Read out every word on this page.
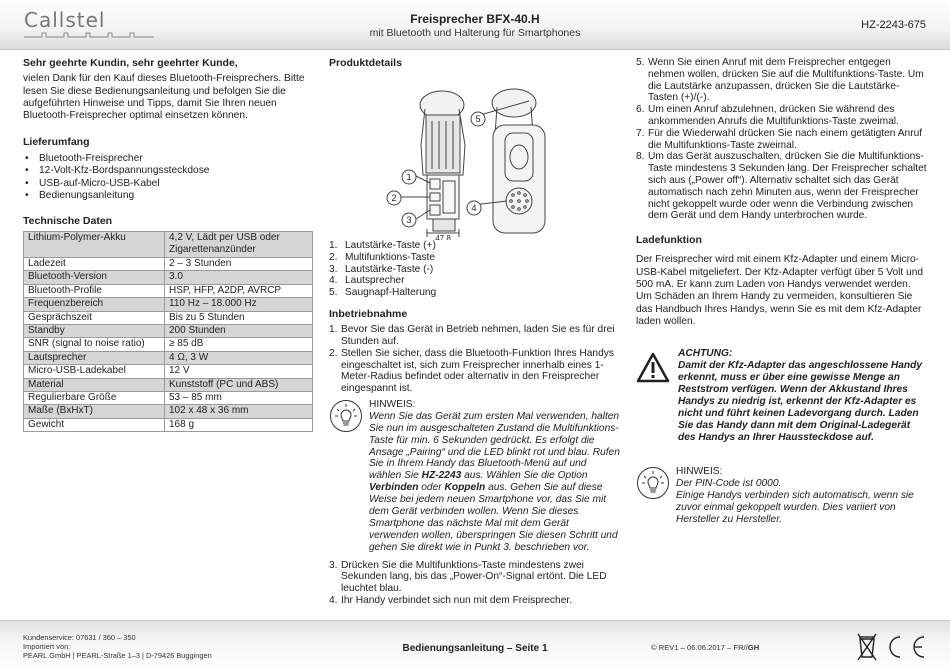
Callstel	Freisprecher BFX-40.H
mit Bluetooth und Halterung für Smartphones
HZ-2243-675
Sehr geehrte Kundin, sehr geehrter Kunde,

vielen Dank für den Kauf dieses Bluetooth-Freisprechers. Bitte lesen Sie diese Bedienungsanleitung und befolgen Sie die aufgeführten Hinweise und Tipps, damit Sie Ihren neuen Bluetooth-Freisprecher optimal einsetzen können.

Lieferumfang
• Bluetooth-Freisprecher
• 12-Volt-Kfz-Bordspannungssteckdose
• USB-auf-Micro-USB-Kabel
• Bedienungsanleitung
Technische Daten
Lithium-Polymer-Akku	4,2 V, Lädt per USB oder Zigarettenanzünder
Ladezeit	2 – 3 Stunden
Bluetooth-Version	3.0
Bluetooth-Profile	HSP, HFP, A2DP, AVRCP
Frequenzbereich	110 Hz – 18.000 Hz
Gesprächszeit	Bis zu 5 Stunden
Standby	200 Stunden
SNR (signal to noise ratio)	≥ 85 dB
Lautsprecher	4 Ω, 3 W
Micro-USB-Ladekabel	12 V
Material	Kunststoff (PC und ABS)
Regulierbare Größe	53 – 85 mm
Maße (BxHxT)	102 x 48 x 36 mm
Gewicht	168 g
Produktdetails
1
2
3
4
5
47,8
1. Lautstärke-Taste (+)
2. Multifunktions-Taste
3. Lautstärke-Taste (-)
4. Lautsprecher
5. Saugnapf-Halterung
Inbetriebnahme
1. Bevor Sie das Gerät in Betrieb nehmen, laden Sie es für drei Stunden auf.
2. Stellen Sie sicher, dass die Bluetooth-Funktion Ihres Handys eingeschaltet ist, sich zum Freisprecher innerhalb eines 1-Meter-Radius befindet oder alternativ in den Freisprecher eingespannt ist.
HINWEIS:
Wenn Sie das Gerät zum ersten Mal verwenden, halten Sie nun im ausgeschalteten Zustand die Multifunktions-Taste für min. 6 Sekunden gedrückt. Es erfolgt die Ansage „Pairing“ und die LED blinkt rot und blau. Rufen Sie in Ihrem Handy das Bluetooth-Menü auf und wählen Sie HZ-2243 aus. Wählen Sie die Option Verbinden oder Koppeln aus. Gehen Sie auf diese Weise bei jedem neuen Smartphone vor, das Sie mit dem Gerät verbinden wollen. Wenn Sie dieses Smartphone das nächste Mal mit dem Gerät verwenden wollen, überspringen Sie diesen Schritt und gehen Sie direkt wie in Punkt 3. beschrieben vor.
3. Drücken Sie die Multifunktions-Taste mindestens zwei Sekunden lang, bis das „Power-On“-Signal ertönt. Die LED leuchtet blau.
4. Ihr Handy verbindet sich nun mit dem Freisprecher.
5. Wenn Sie einen Anruf mit dem Freisprecher entgegen nehmen wollen, drücken Sie auf die Multifunktions-Taste. Um die Lautstärke anzupassen, drücken Sie die Lautstärke-Tasten (+)/(-).
6. Um einen Anruf abzulehnen, drücken Sie während des ankommenden Anrufs die Multifunktions-Taste zweimal.
7. Für die Wiederwahl drücken Sie nach einem getätigten Anruf die Multifunktions-Taste zweimal.
8. Um das Gerät auszuschalten, drücken Sie die Multifunktions-Taste mindestens 3 Sekunden lang. Der Freisprecher schaltet sich aus („Power off“). Alternativ schaltet sich das Gerät automatisch nach zehn Minuten aus, wenn der Freisprecher nicht gekoppelt wurde oder wenn die Verbindung zwischen dem Gerät und dem Handy unterbrochen wurde.
Ladefunktion

Der Freisprecher wird mit einem Kfz-Adapter und einem Micro-USB-Kabel mitgeliefert. Der Kfz-Adapter verfügt über 5 Volt und 500 mA. Er kann zum Laden von Handys verwendet werden. Um Schäden an Ihrem Handy zu vermeiden, konsultieren Sie das Handbuch Ihres Handys, wenn Sie es mit dem Kfz-Adapter laden wollen.

ACHTUNG:
Damit der Kfz-Adapter das angeschlossene Handy erkennt, muss er über eine gewisse Menge an Reststrom verfügen. Wenn der Akkustand Ihres Handys zu niedrig ist, erkennt der Kfz-Adapter es nicht und führt keinen Ladevorgang durch. Laden Sie das Handy dann mit dem Original-Ladegerät des Handys an Ihrer Haussteckdose auf.
HINWEIS:
Der PIN-Code ist 0000.
Einige Handys verbinden sich automatisch, wenn sie zuvor einmal gekoppelt wurden. Dies variiert von Hersteller zu Hersteller.
Kundenservice: 07631 / 360 – 350
Importiert von:
PEARL.GmbH | PEARL-Straße 1–3 | D-79426 Buggingen
Bedienungsanleitung – Seite 1	© REV1 – 06.06.2017 – FR//GH
